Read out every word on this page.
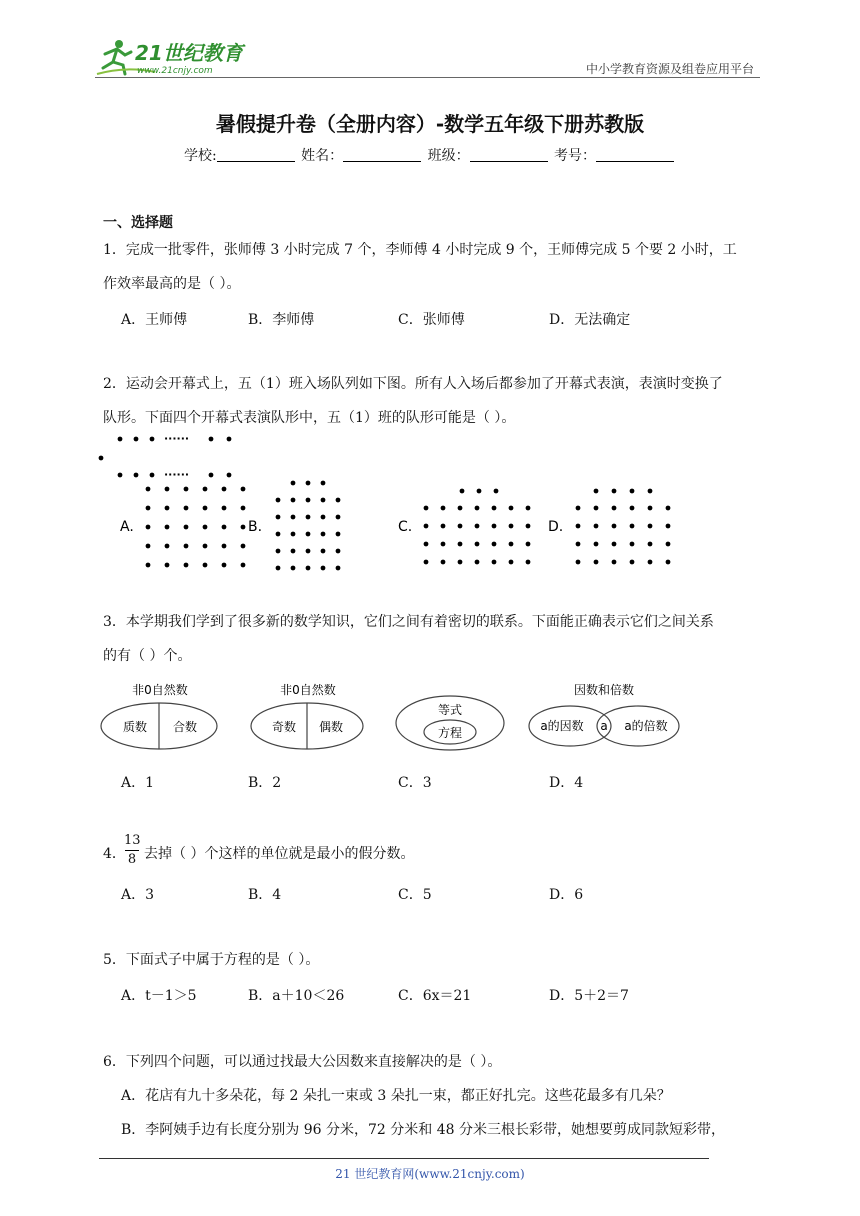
21世纪教育
www.21cnjy.com	中小学教育资源及组卷应用平台
暑假提升卷（全册内容）-数学五年级下册苏教版
学校:	姓名：	班级：	考号：
一、选择题
1．完成一批零件，张师傅 3 小时完成 7 个，李师傅 4 小时完成 9 个，王师傅完成 5 个要 2 小时，工
作效率最高的是（ ）。
A．王师傅	B．李师傅	C．张师傅	D．无法确定
2．运动会开幕式上，五（1）班入场队列如下图。所有人入场后都参加了开幕式表演，表演时变换了
队形。下面四个开幕式表演队形中，五（1）班的队形可能是（ ）。
······
······
A.	B.	C.	D.
3．本学期我们学到了很多新的数学知识，它们之间有着密切的联系。下面能正确表示它们之间关系
的有（ ）个。
非0自然数
质数 合数
非0自然数
奇数 偶数
等式
方程
因数和倍数
a的因数 a a的倍数
A．1	B．2	C．3	D．4
4．
13
8 去掉（ ）个这样的单位就是最小的假分数。
A．3	B．4	C．5	D．6
5．下面式子中属于方程的是（ ）。
A．t－1＞5	B．a＋10＜26	C．6x＝21	D．5＋2＝7
6．下列四个问题，可以通过找最大公因数来直接解决的是（ ）。
A．花店有九十多朵花，每 2 朵扎一束或 3 朵扎一束，都正好扎完。这些花最多有几朵？
B．李阿姨手边有长度分别为 96 分米，72 分米和 48 分米三根长彩带，她想要剪成同款短彩带，
21 世纪教育网(www.21cnjy.com)
